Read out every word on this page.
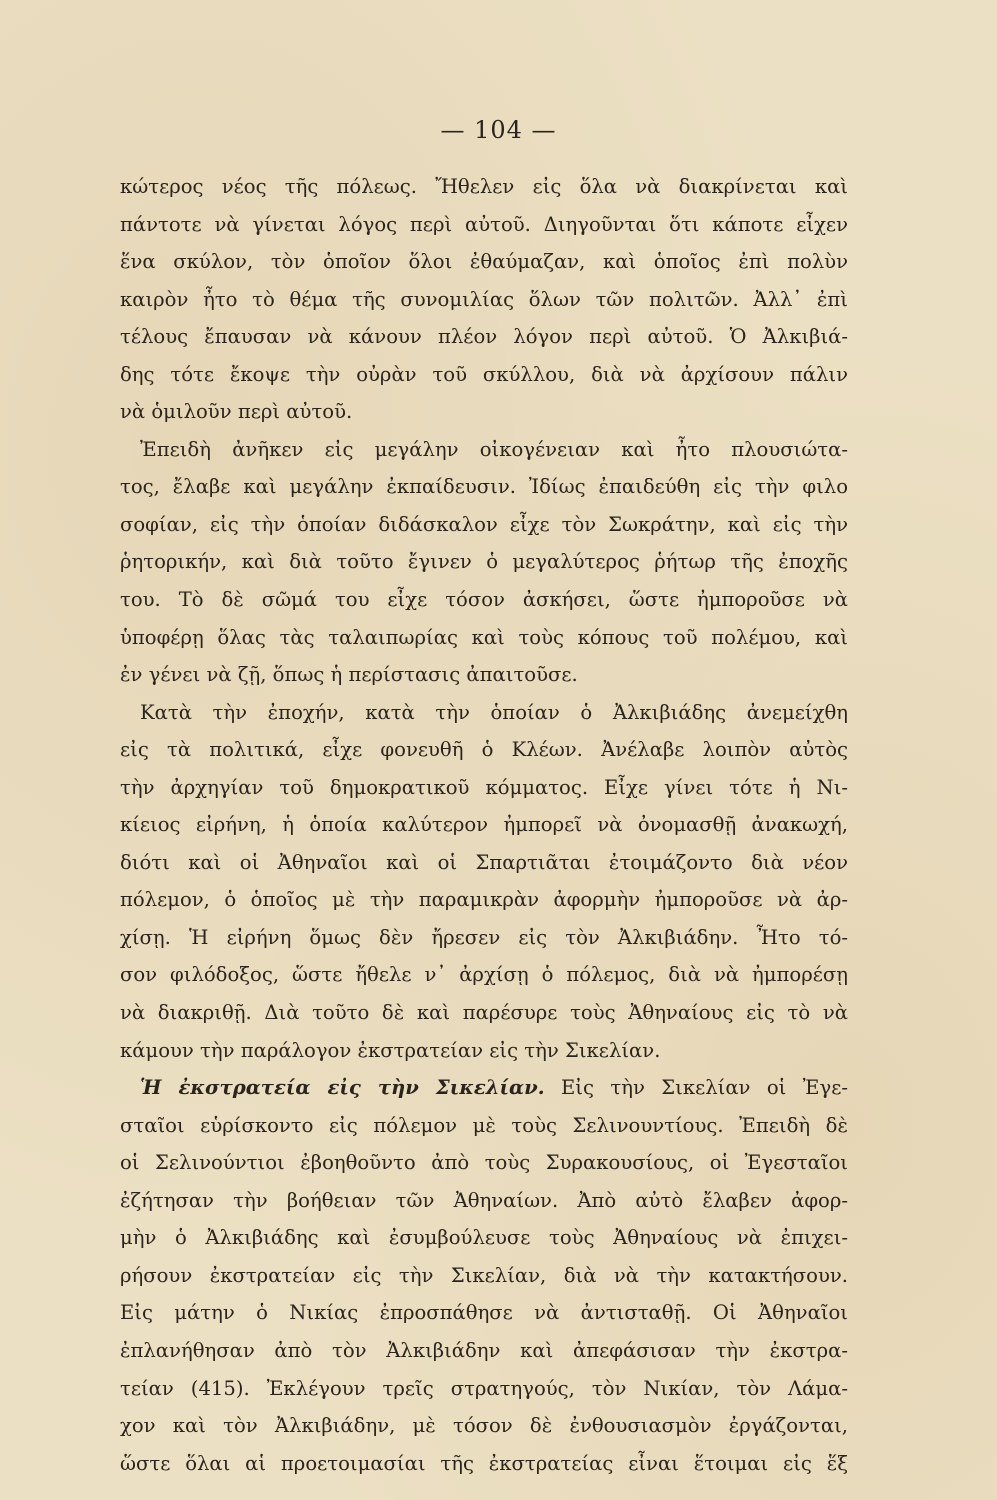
— 104 —
κώτερος νέος τῆς πόλεως. Ἤθελεν εἰς ὅλα νὰ διακρίνεται καὶ
πάντοτε νὰ γίνεται λόγος περὶ αὐτοῦ. Διηγοῦνται ὅτι κάποτε εἶχεν
ἕνα σκύλον, τὸν ὁποῖον ὅλοι ἐθαύμαζαν, καὶ ὁποῖος ἐπὶ πολὺν
καιρὸν ἦτο τὸ θέμα τῆς συνομιλίας ὅλων τῶν πολιτῶν. Ἀλλ᾿ ἐπὶ
τέλους ἔπαυσαν νὰ κάνουν πλέον λόγον περὶ αὐτοῦ. Ὁ Ἀλκιβιά-
δης τότε ἔκοψε τὴν οὐρὰν τοῦ σκύλλου, διὰ νὰ ἀρχίσουν πάλιν
νὰ ὁμιλοῦν περὶ αὐτοῦ.
Ἐπειδὴ ἀνῆκεν εἰς μεγάλην οἰκογένειαν καὶ ἦτο πλουσιώτα-
τος, ἔλαβε καὶ μεγάλην ἐκπαίδευσιν. Ἰδίως ἐπαιδεύθη εἰς τὴν φιλο
σοφίαν, εἰς τὴν ὁποίαν διδάσκαλον εἶχε τὸν Σωκράτην, καὶ εἰς τὴν
ῥητορικήν, καὶ διὰ τοῦτο ἔγινεν ὁ μεγαλύτερος ῥήτωρ τῆς ἐποχῆς
του. Τὸ δὲ σῶμά του εἶχε τόσον ἀσκήσει, ὥστε ἠμποροῦσε νὰ
ὑποφέρῃ ὅλας τὰς ταλαιπωρίας καὶ τοὺς κόπους τοῦ πολέμου, καὶ
ἐν γένει νὰ ζῇ, ὅπως ἡ περίστασις ἀπαιτοῦσε.
Κατὰ τὴν ἐποχήν, κατὰ τὴν ὁποίαν ὁ Ἀλκιβιάδης ἀνεμείχθη
εἰς τὰ πολιτικά, εἶχε φονευθῆ ὁ Κλέων. Ἀνέλαβε λοιπὸν αὐτὸς
τὴν ἀρχηγίαν τοῦ δημοκρατικοῦ κόμματος. Εἶχε γίνει τότε ἡ Νι-
κίειος εἰρήνη, ἡ ὁποία καλύτερον ἠμπορεῖ νὰ ὀνομασθῇ ἀνακωχή,
διότι καὶ οἱ Ἀθηναῖοι καὶ οἱ Σπαρτιᾶται ἐτοιμάζοντο διὰ νέον
πόλεμον, ὁ ὁποῖος μὲ τὴν παραμικρὰν ἀφορμὴν ἠμποροῦσε νὰ ἀρ-
χίσῃ. Ἡ εἰρήνη ὅμως δὲν ἤρεσεν εἰς τὸν Ἀλκιβιάδην. Ἦτο τό-
σον φιλόδοξος, ὥστε ἤθελε ν᾿ ἀρχίσῃ ὁ πόλεμος, διὰ νὰ ἠμπορέσῃ
νὰ διακριθῇ. Διὰ τοῦτο δὲ καὶ παρέσυρε τοὺς Ἀθηναίους εἰς τὸ νὰ
κάμουν τὴν παράλογον ἐκστρατείαν εἰς τὴν Σικελίαν.
Ἡ ἐκστρατεία εἰς τὴν Σικελίαν. Εἰς τὴν Σικελίαν οἱ Ἐγε-
σταῖοι εὑρίσκοντο εἰς πόλεμον μὲ τοὺς Σελινουντίους. Ἐπειδὴ δὲ
οἱ Σελινούντιοι ἐβοηθοῦντο ἀπὸ τοὺς Συρακουσίους, οἱ Ἐγεσταῖοι
ἐζήτησαν τὴν βοήθειαν τῶν Ἀθηναίων. Ἀπὸ αὐτὸ ἔλαβεν ἀφορ-
μὴν ὁ Ἀλκιβιάδης καὶ ἐσυμβούλευσε τοὺς Ἀθηναίους νὰ ἐπιχει-
ρήσουν ἐκστρατείαν εἰς τὴν Σικελίαν, διὰ νὰ τὴν κατακτήσουν.
Εἰς μάτην ὁ Νικίας ἐπροσπάθησε νὰ ἀντισταθῇ. Οἱ Ἀθηναῖοι
ἐπλανήθησαν ἀπὸ τὸν Ἀλκιβιάδην καὶ ἀπεφάσισαν τὴν ἐκστρα-
τείαν (415). Ἐκλέγουν τρεῖς στρατηγούς, τὸν Νικίαν, τὸν Λάμα-
χον καὶ τὸν Ἀλκιβιάδην, μὲ τόσον δὲ ἐνθουσιασμὸν ἐργάζονται,
ὥστε ὅλαι αἱ προετοιμασίαι τῆς ἐκστρατείας εἶναι ἕτοιμαι εἰς ἕξ
